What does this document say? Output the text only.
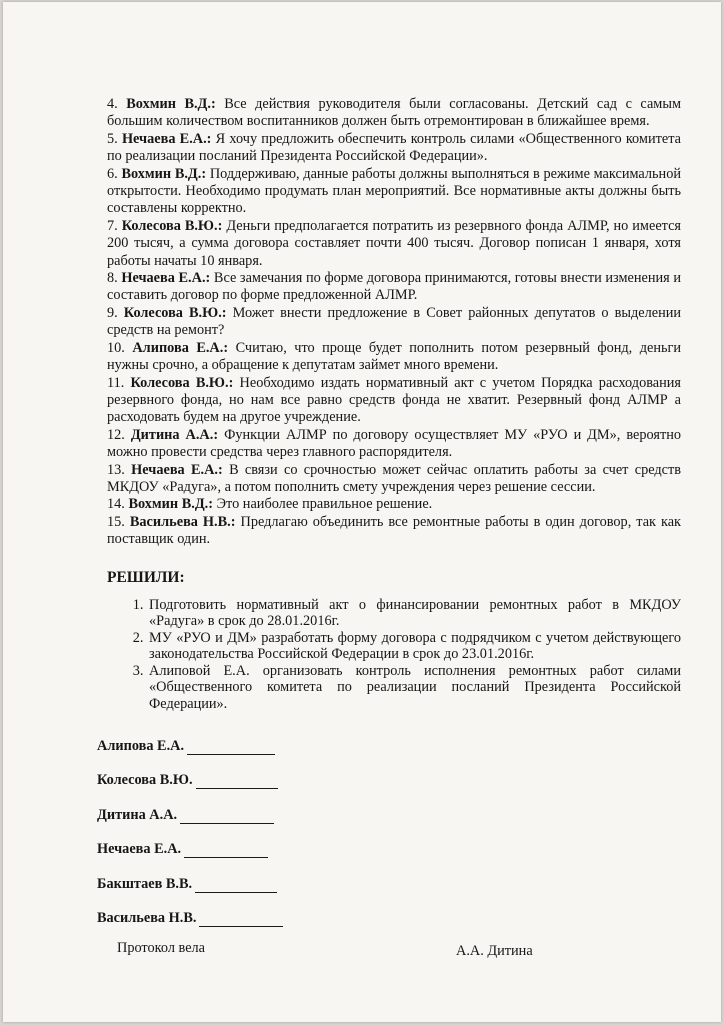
4. Вохмин В.Д.: Все действия руководителя были согласованы. Детский сад с самым большим количеством воспитанников должен быть отремонтирован в ближайшее время.

5. Нечаева Е.А.: Я хочу предложить обеспечить контроль силами «Общественного комитета по реализации посланий Президента Российской Федерации».

6. Вохмин В.Д.: Поддерживаю, данные работы должны выполняться в режиме максимальной открытости. Необходимо продумать план мероприятий. Все нормативные акты должны быть составлены корректно.

7. Колесова В.Ю.: Деньги предполагается потратить из резервного фонда АЛМР, но имеется 200 тысяч, а сумма договора составляет почти 400 тысяч. Договор пописан 1 января, хотя работы начаты 10 января.

8. Нечаева Е.А.: Все замечания по форме договора принимаются, готовы внести изменения и составить договор по форме предложенной АЛМР.

9. Колесова В.Ю.: Может внести предложение в Совет районных депутатов о выделении средств на ремонт?

10. Алипова Е.А.: Считаю, что проще будет пополнить потом резервный фонд, деньги нужны срочно, а обращение к депутатам займет много времени.

11. Колесова В.Ю.: Необходимо издать нормативный акт с учетом Порядка расходования резервного фонда, но нам все равно средств фонда не хватит. Резервный фонд АЛМР а расходовать будем на другое учреждение.

12. Дитина А.А.: Функции АЛМР по договору осуществляет МУ «РУО и ДМ», вероятно можно провести средства через главного распорядителя.

13. Нечаева Е.А.: В связи со срочностью может сейчас оплатить работы за счет средств МКДОУ «Радуга», а потом пополнить смету учреждения через решение сессии.

14. Вохмин В.Д.: Это наиболее правильное решение.

15. Васильева Н.В.: Предлагаю объединить все ремонтные работы в один договор, так как поставщик один.

РЕШИЛИ:
1. Подготовить нормативный акт о финансировании ремонтных работ в МКДОУ «Радуга» в срок до 28.01.2016г.
2. МУ «РУО и ДМ» разработать форму договора с подрядчиком с учетом действующего законодательства Российской Федерации в срок до 23.01.2016г.
3. Алиповой Е.А. организовать контроль исполнения ремонтных работ силами «Общественного комитета по реализации посланий Президента Российской Федерации».
Алипова Е.А.
Колесова В.Ю.
Дитина А.А.
Нечаева Е.А.
Бакштаев В.В.
Васильева Н.В.
Протокол вела	А.А. Дитина
